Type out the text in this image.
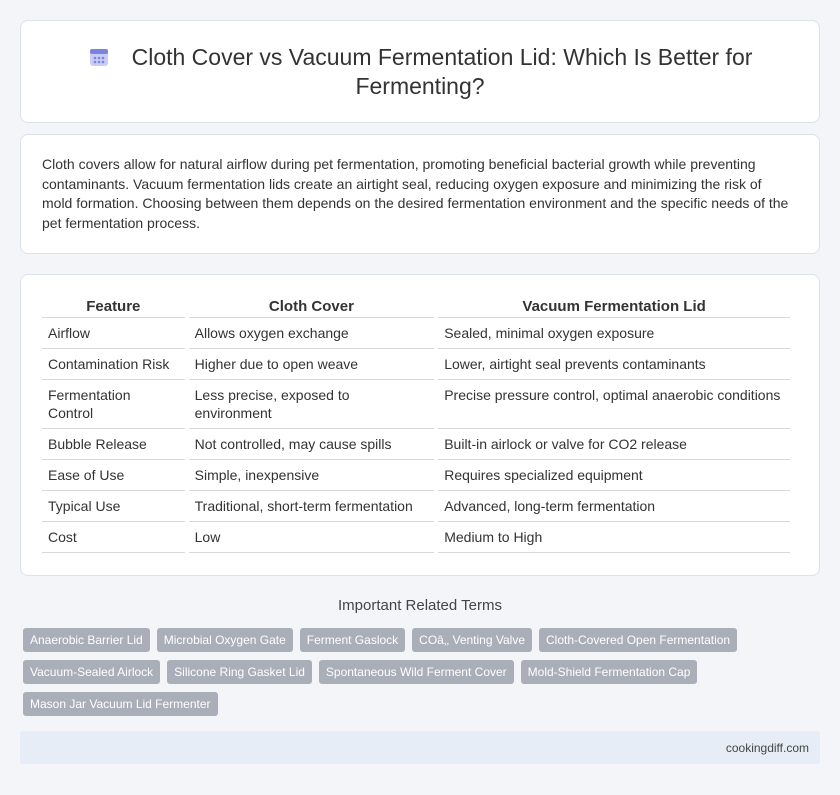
Cloth Cover vs Vacuum Fermentation Lid: Which Is Better for Fermenting?

Cloth covers allow for natural airflow during pet fermentation, promoting beneficial bacterial growth while preventing contaminants. Vacuum fermentation lids create an airtight seal, reducing oxygen exposure and minimizing the risk of mold formation. Choosing between them depends on the desired fermentation environment and the specific needs of the pet fermentation process.

Feature	Cloth Cover	Vacuum Fermentation Lid
Airflow	Allows oxygen exchange	Sealed, minimal oxygen exposure
Contamination Risk	Higher due to open weave	Lower, airtight seal prevents contaminants
Fermentation Control	Less precise, exposed to environment	Precise pressure control, optimal anaerobic conditions
Bubble Release	Not controlled, may cause spills	Built-in airlock or valve for CO2 release
Ease of Use	Simple, inexpensive	Requires specialized equipment
Typical Use	Traditional, short-term fermentation	Advanced, long-term fermentation
Cost	Low	Medium to High
Important Related Terms
Anaerobic Barrier Lid	Microbial Oxygen Gate	Ferment Gaslock	COâ‚‚ Venting Valve	Cloth-Covered Open Fermentation
Vacuum-Sealed Airlock	Silicone Ring Gasket Lid	Spontaneous Wild Ferment Cover	Mold-Shield Fermentation Cap
Mason Jar Vacuum Lid Fermenter
cookingdiff.com
